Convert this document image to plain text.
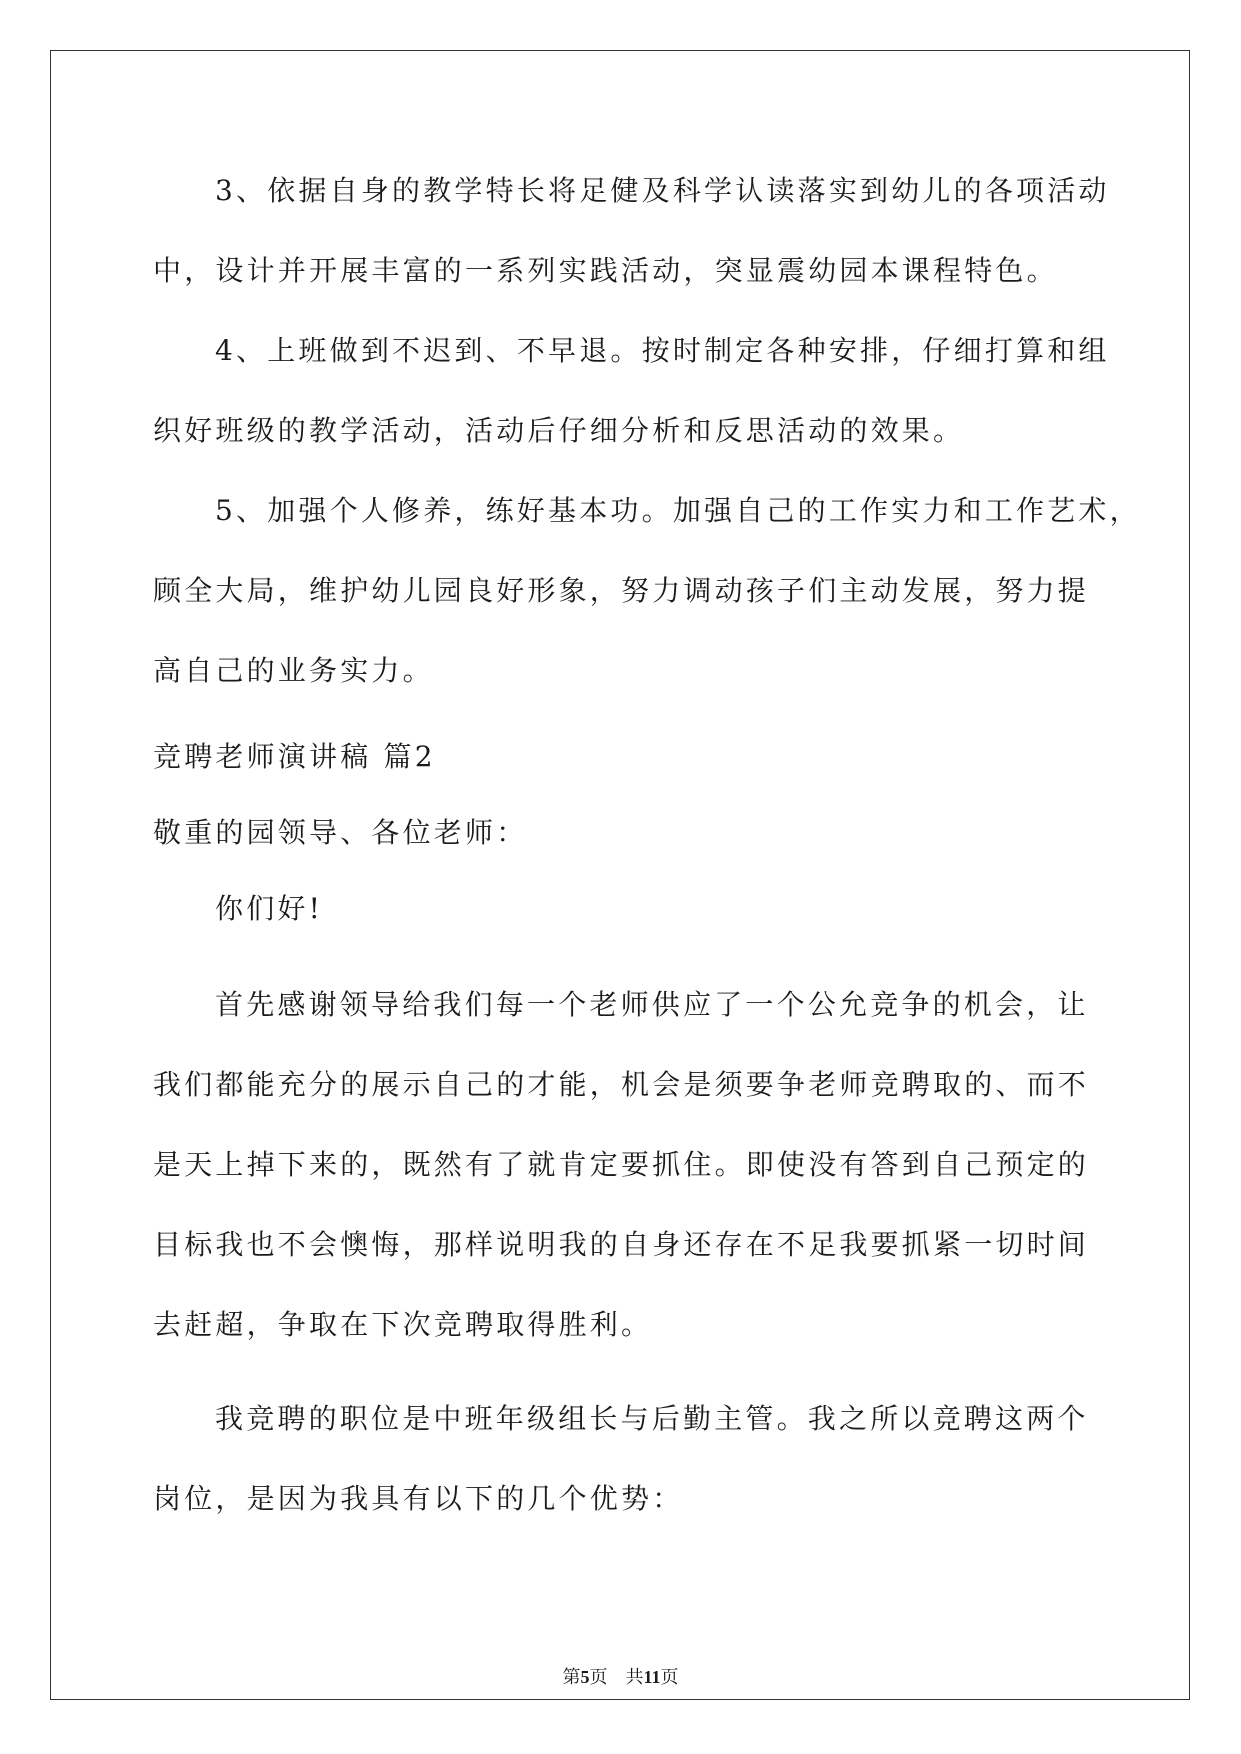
3、依据自身的教学特长将足健及科学认读落实到幼儿的各项活动
中，设计并开展丰富的一系列实践活动，突显震幼园本课程特色。
4、上班做到不迟到、不早退。按时制定各种安排，仔细打算和组
织好班级的教学活动，活动后仔细分析和反思活动的效果。
5、加强个人修养，练好基本功。加强自己的工作实力和工作艺术，
顾全大局，维护幼儿园良好形象，努力调动孩子们主动发展，努力提
高自己的业务实力。
竞聘老师演讲稿 篇2
敬重的园领导、各位老师：
你们好!
首先感谢领导给我们每一个老师供应了一个公允竞争的机会，让
我们都能充分的展示自己的才能，机会是须要争老师竞聘取的、而不
是天上掉下来的，既然有了就肯定要抓住。即使没有答到自己预定的
目标我也不会懊悔，那样说明我的自身还存在不足我要抓紧一切时间
去赶超，争取在下次竞聘取得胜利。
我竞聘的职位是中班年级组长与后勤主管。我之所以竞聘这两个
岗位，是因为我具有以下的几个优势：
第5页 共11页
